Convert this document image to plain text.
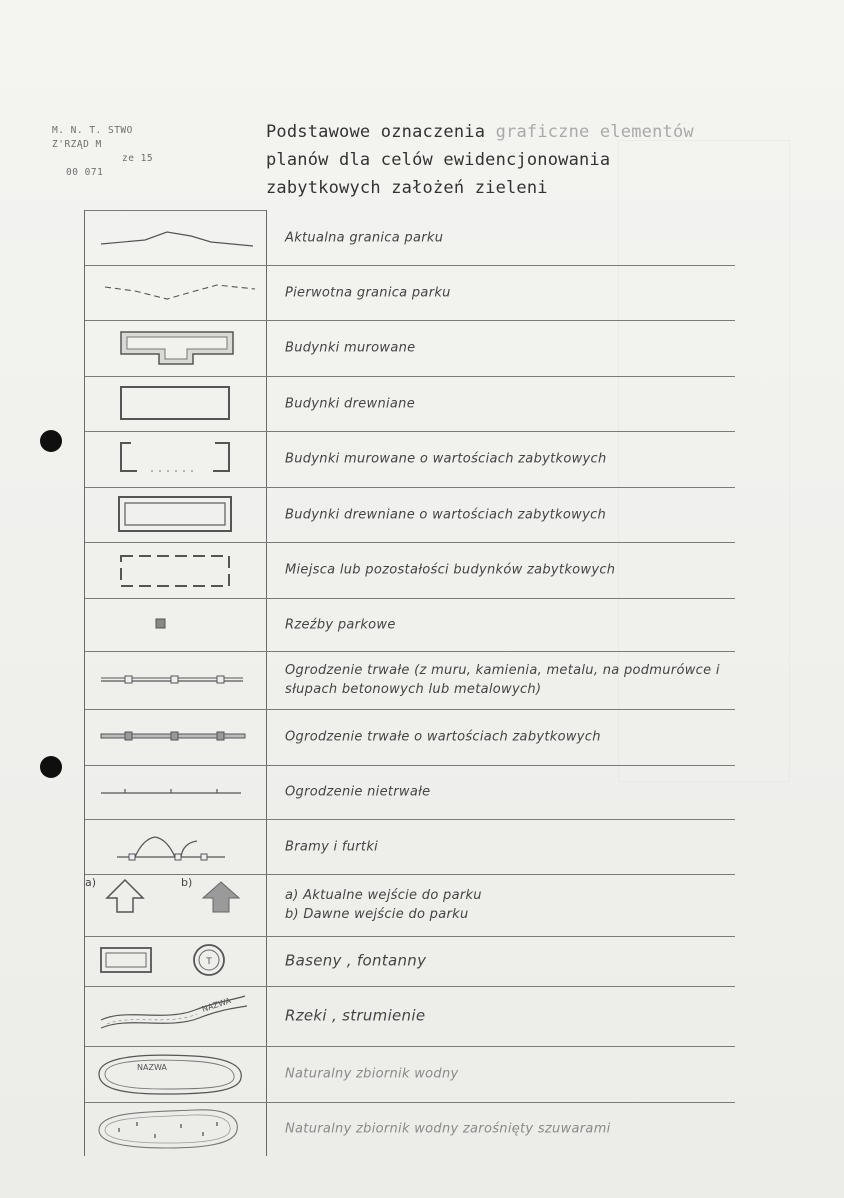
M. N. T. STWO
Z'RZĄD M
ze 15
00 071
Podstawowe oznaczenia graficzne elementów
planów dla celów ewidencjonowania
zabytkowych założeń zieleni
Aktualna granica parku
Pierwotna granica parku
Budynki murowane
Budynki drewniane
Budynki murowane o wartościach zabytkowych
Budynki drewniane o wartościach zabytkowych
Miejsca lub pozostałości budynków zabytkowych
Rzeźby parkowe
Ogrodzenie trwałe (z muru, kamienia, metalu, na podmurówce i słupach betonowych lub metalowych)
Ogrodzenie trwałe o wartościach zabytkowych
Ogrodzenie nietrwałe
Bramy i furtki
a)	b)
a) Aktualne wejście do parku
b) Dawne wejście do parku
T	Baseny , fontanny
NAZWA
Rzeki , strumienie
NAZWA	Naturalny zbiornik wodny
Naturalny zbiornik wodny zarośnięty szuwarami
